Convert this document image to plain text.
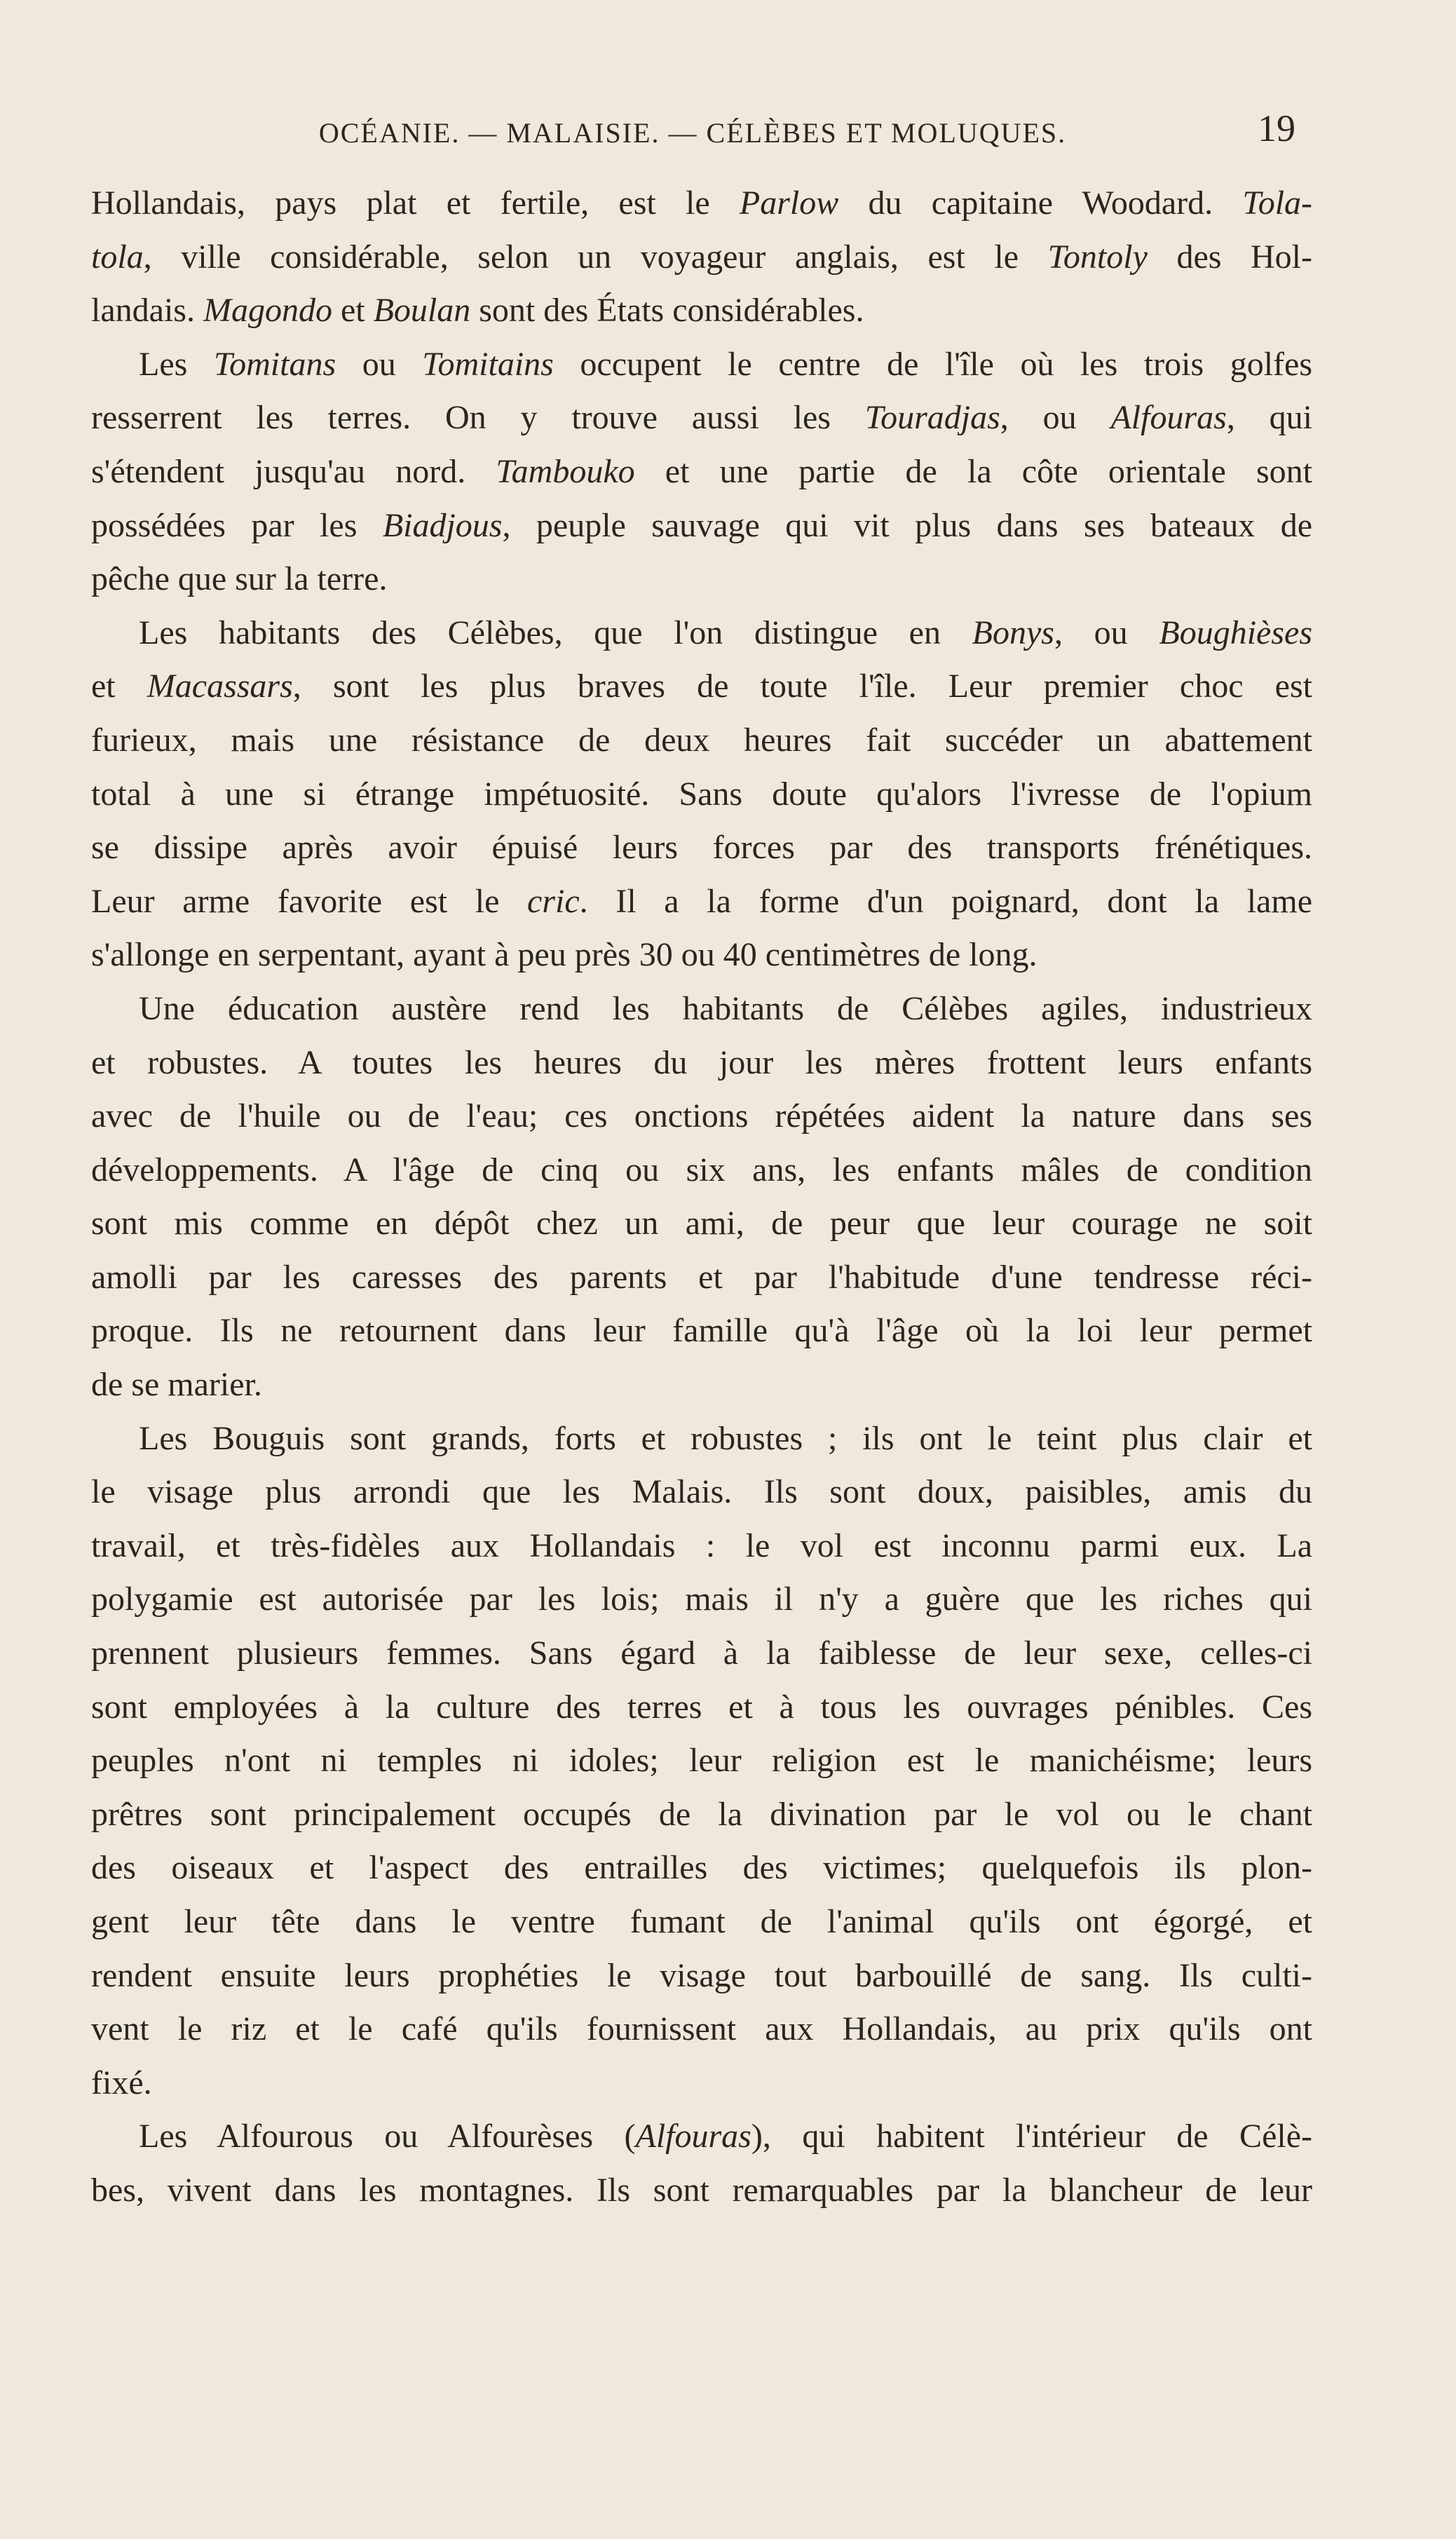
OCÉANIE. — MALAISIE. — CÉLÈBES ET MOLUQUES.	19
Hollandais, pays plat et fertile, est le Parlow du capitaine Woodard. Tola-
tola, ville considérable, selon un voyageur anglais, est le Tontoly des Hol-
landais. Magondo et Boulan sont des États considérables.
Les Tomitans ou Tomitains occupent le centre de l'île où les trois golfes
resserrent les terres. On y trouve aussi les Touradjas, ou Alfouras, qui
s'étendent jusqu'au nord. Tambouko et une partie de la côte orientale sont
possédées par les Biadjous, peuple sauvage qui vit plus dans ses bateaux de
pêche que sur la terre.
Les habitants des Célèbes, que l'on distingue en Bonys, ou Boughièses
et Macassars, sont les plus braves de toute l'île. Leur premier choc est
furieux, mais une résistance de deux heures fait succéder un abattement
total à une si étrange impétuosité. Sans doute qu'alors l'ivresse de l'opium
se dissipe après avoir épuisé leurs forces par des transports frénétiques.
Leur arme favorite est le cric. Il a la forme d'un poignard, dont la lame
s'allonge en serpentant, ayant à peu près 30 ou 40 centimètres de long.
Une éducation austère rend les habitants de Célèbes agiles, industrieux
et robustes. A toutes les heures du jour les mères frottent leurs enfants
avec de l'huile ou de l'eau; ces onctions répétées aident la nature dans ses
développements. A l'âge de cinq ou six ans, les enfants mâles de condition
sont mis comme en dépôt chez un ami, de peur que leur courage ne soit
amolli par les caresses des parents et par l'habitude d'une tendresse réci-
proque. Ils ne retournent dans leur famille qu'à l'âge où la loi leur permet
de se marier.
Les Bouguis sont grands, forts et robustes ; ils ont le teint plus clair et
le visage plus arrondi que les Malais. Ils sont doux, paisibles, amis du
travail, et très-fidèles aux Hollandais : le vol est inconnu parmi eux. La
polygamie est autorisée par les lois; mais il n'y a guère que les riches qui
prennent plusieurs femmes. Sans égard à la faiblesse de leur sexe, celles-ci
sont employées à la culture des terres et à tous les ouvrages pénibles. Ces
peuples n'ont ni temples ni idoles; leur religion est le manichéisme; leurs
prêtres sont principalement occupés de la divination par le vol ou le chant
des oiseaux et l'aspect des entrailles des victimes; quelquefois ils plon-
gent leur tête dans le ventre fumant de l'animal qu'ils ont égorgé, et
rendent ensuite leurs prophéties le visage tout barbouillé de sang. Ils culti-
vent le riz et le café qu'ils fournissent aux Hollandais, au prix qu'ils ont
fixé.
Les Alfourous ou Alfourèses (Alfouras), qui habitent l'intérieur de Célè-
bes, vivent dans les montagnes. Ils sont remarquables par la blancheur de leur
